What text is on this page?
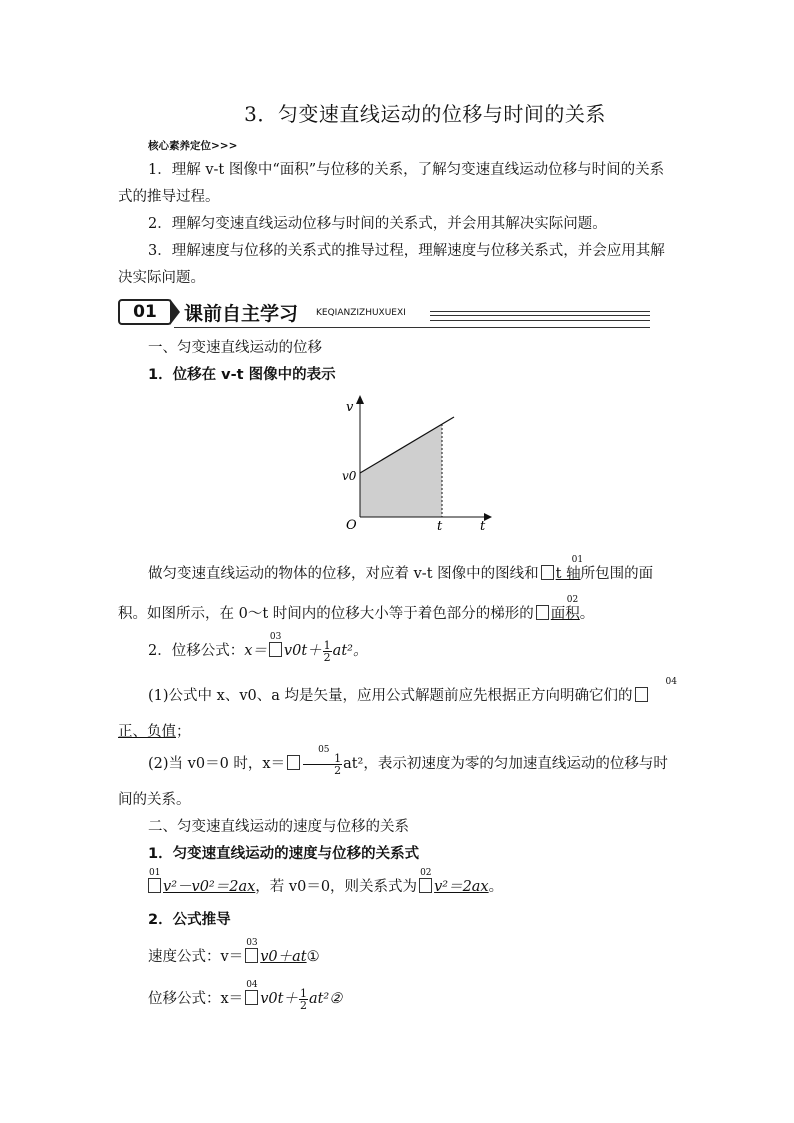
3．匀变速直线运动的位移与时间的关系
核心素养定位>>>
1．理解 v-t 图像中“面积”与位移的关系，了解匀变速直线运动位移与时间的关系式的推导过程。
2．理解匀变速直线运动位移与时间的关系式，并会用其解决实际问题。
3．理解速度与位移的关系式的推导过程，理解速度与位移关系式，并会应用其解决实际问题。
01	课前自主学习 KEQIANZIZHUXUEXI
一、匀变速直线运动的位移
1．位移在 v-t 图像中的表示
v
t
O
v0
t
做匀变速直线运动的物体的位移，对应着 v-t 图像中的图线和
01
t 轴所包围的面积。如图所示，在 0～t 时间内的位移大小等于着色部分的梯形的
02
面积。
2．位移公式：x＝
03
$v0t+ \frac{1}{2} at^2$。
(1)公式中 x、v0、a 均是矢量，应用公式解题前应先根据正方向明确它们的
04
正、负值；
(2)当 v0＝0 时，x＝
05
$\frac{1}{2} at^2$，表示初速度为零的匀加速直线运动的位移与时间的关系。
二、匀变速直线运动的速度与位移的关系
1．匀变速直线运动的速度与位移的关系式
01
v²－v0²＝2ax，若 v0＝0，则关系式为
02
v²＝2ax。
2．公式推导
速度公式：v＝
03
v0＋at①
位移公式：x＝
04
$v0t+ \frac{1}{2}$ at²②
